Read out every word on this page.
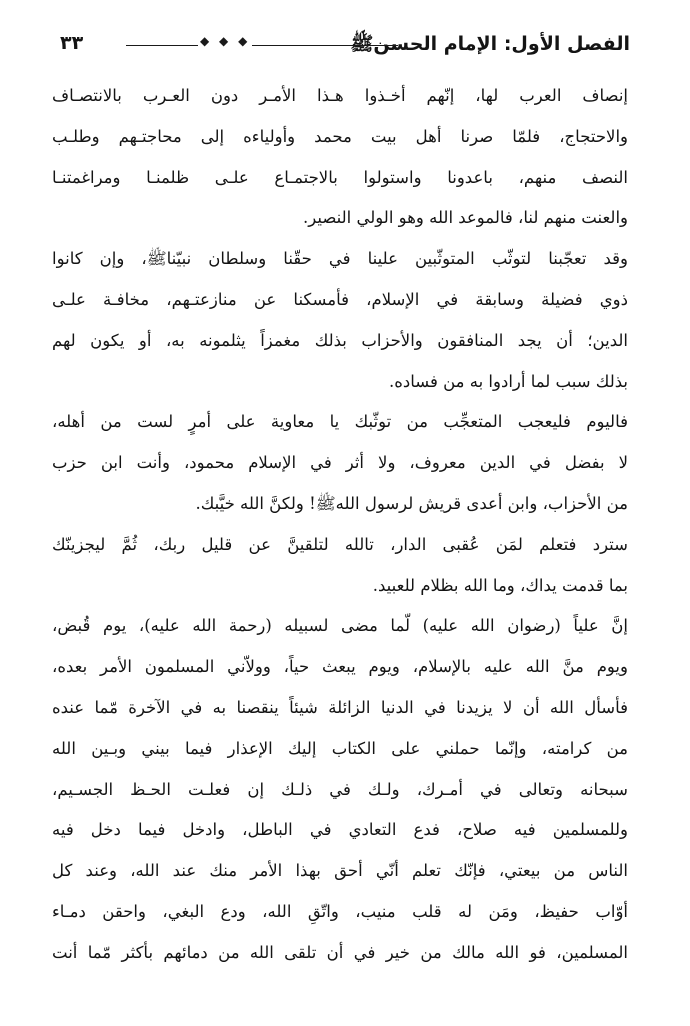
الفصل الأول: الإمام الحسنﷺ
◆ ◆ ◆
٣٣

إنصاف العرب لها، إنّهم أخـذوا هـذا الأمـر دون العـرب بالانتصـاف
والاحتجاج، فلمّا صرنا أهل بيت محمد وأولياءه إلى محاجتـهم وطلـب
النصف منهم، باعدونا واستولوا بالاجتمـاع علـى ظلمنـا ومراغمتنـا
والعنت منهم لنا، فالموعد الله وهو الولي النصير.

وقد تعجّبنا لتوثّب المتوثّبين علينا في حقّنا وسلطان نبيّناﷺ، وإن كانوا
ذوي فضيلة وسابقة في الإسلام، فأمسكنا عن منازعتـهم، مخافـة علـى
الدين؛ أن يجد المنافقون والأحزاب بذلك مغمزاً يثلمونه به، أو يكون لهم
بذلك سبب لما أرادوا به من فساده.

فاليوم فليعجب المتعجِّب من توثّبك يا معاوية على أمرٍ لست من أهله،
لا بفضل في الدين معروف، ولا أثر في الإسلام محمود، وأنت ابن حزب
من الأحزاب، وابن أعدى قريش لرسول اللهﷺ! ولكنَّ الله خيَّبك.

سترد فتعلم لمَن عُقبى الدار، تالله لتلقينَّ عن قليل ربك، ثُمَّ ليجزينّك
بما قدمت يداك، وما الله بظلام للعبيد.

إنَّ علياً (رضوان الله عليه) لّما مضى لسبيله (رحمة الله عليه)، يوم قُبض،
ويوم منَّ الله عليه بالإسلام، ويوم يبعث حياً، وولاّني المسلمون الأمر بعده،
فأسأل الله أن لا يزيدنا في الدنيا الزائلة شيئاً ينقصنا به في الآخرة مّما عنده
من كرامته، وإنّما حملني على الكتاب إليك الإعذار فيما بيني وبـين الله
سبحانه وتعالى في أمـرك، ولـك في ذلـك إن فعلـت الحـظ الجسـيم،
وللمسلمين فيه صلاح، فدع التعادي في الباطل، وادخل فيما دخل فيه
الناس من بيعتي، فإنّك تعلم أنّي أحق بهذا الأمر منك عند الله، وعند كل
أوّاب حفيظ، ومَن له قلب منيب، واتّقِ الله، ودع البغي، واحقن دمـاء
المسلمين، فو الله مالك من خير في أن تلقى الله من دمائهم بأكثر مّما أنت
